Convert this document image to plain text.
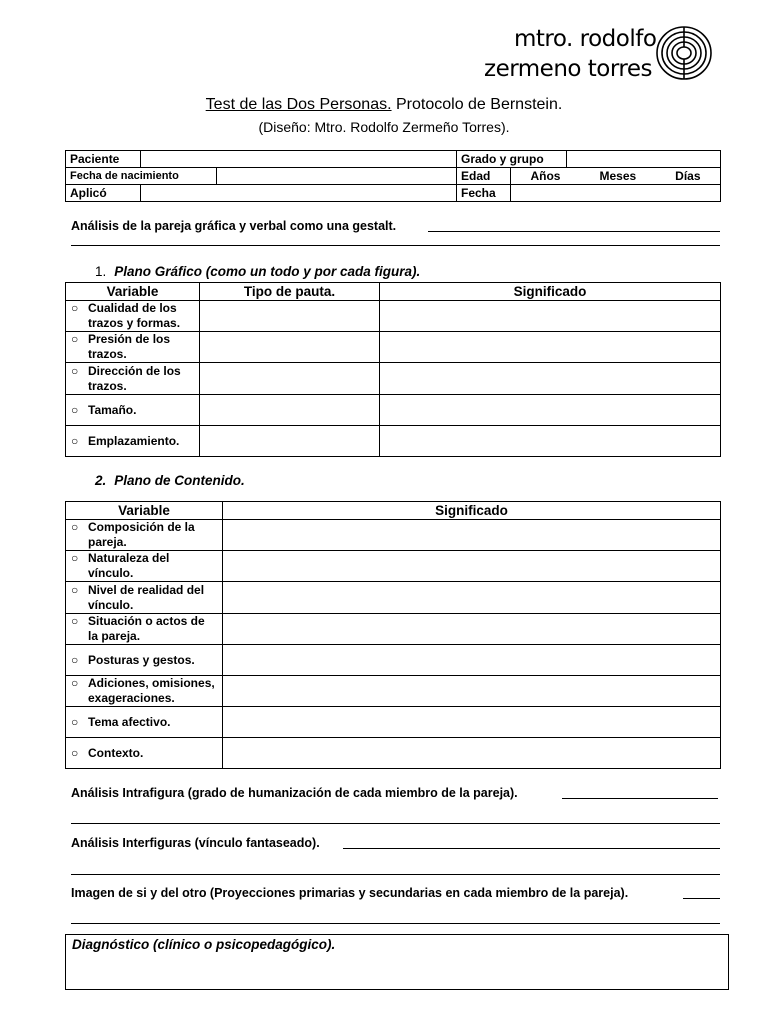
mtro. rodolfo
zermeno torres
Test de las Dos Personas. Protocolo de Bernstein.
(Diseño: Mtro. Rodolfo Zermeño Torres).
Paciente			Grado y grupo		
Fecha de nacimiento			Edad	Años Meses Días	

Aplicó			Fecha		
Análisis de la pareja gráfica y verbal como una gestalt.
1. Plano Gráfico (como un todo y por cada figura).
Variable	Tipo de pauta.	Significado

○ Cualidad de los trazos y formas.		

○ Presión de los trazos.		

○ Dirección de los trazos.		

○ Tamaño.		

○ Emplazamiento.		
2. Plano de Contenido.
Variable	Significado

○ Composición de la pareja.	

○ Naturaleza del vínculo.	

○ Nivel de realidad del vínculo.	

○ Situación o actos de la pareja.	

○ Posturas y gestos.	

○ Adiciones, omisiones, exageraciones.	

○ Tema afectivo.	

○ Contexto.	
Análisis Intrafigura (grado de humanización de cada miembro de la pareja).
Análisis Interfiguras (vínculo fantaseado).
Imagen de si y del otro (Proyecciones primarias y secundarias en cada miembro de la pareja).
Diagnóstico (clínico o psicopedagógico).
